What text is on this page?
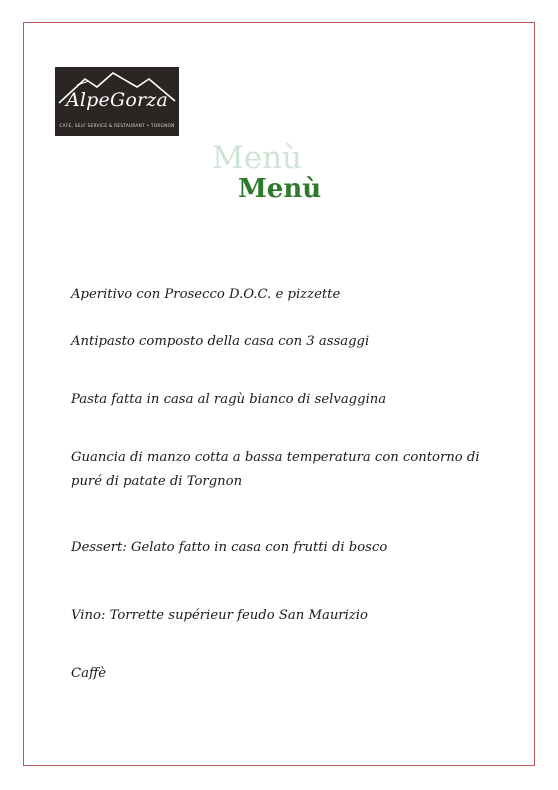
AlpeGorza
CAFE, SELF SERVICE & RESTAURANT • TORGNON
Menù
Menù
Aperitivo con Prosecco D.O.C. e pizzette
Antipasto composto della casa con 3 assaggi
Pasta fatta in casa al ragù bianco di selvaggina
Guancia di manzo cotta a bassa temperatura con contorno di puré di patate di Torgnon
Dessert: Gelato fatto in casa con frutti di bosco
Vino: Torrette supérieur feudo San Maurizio
Caffè
